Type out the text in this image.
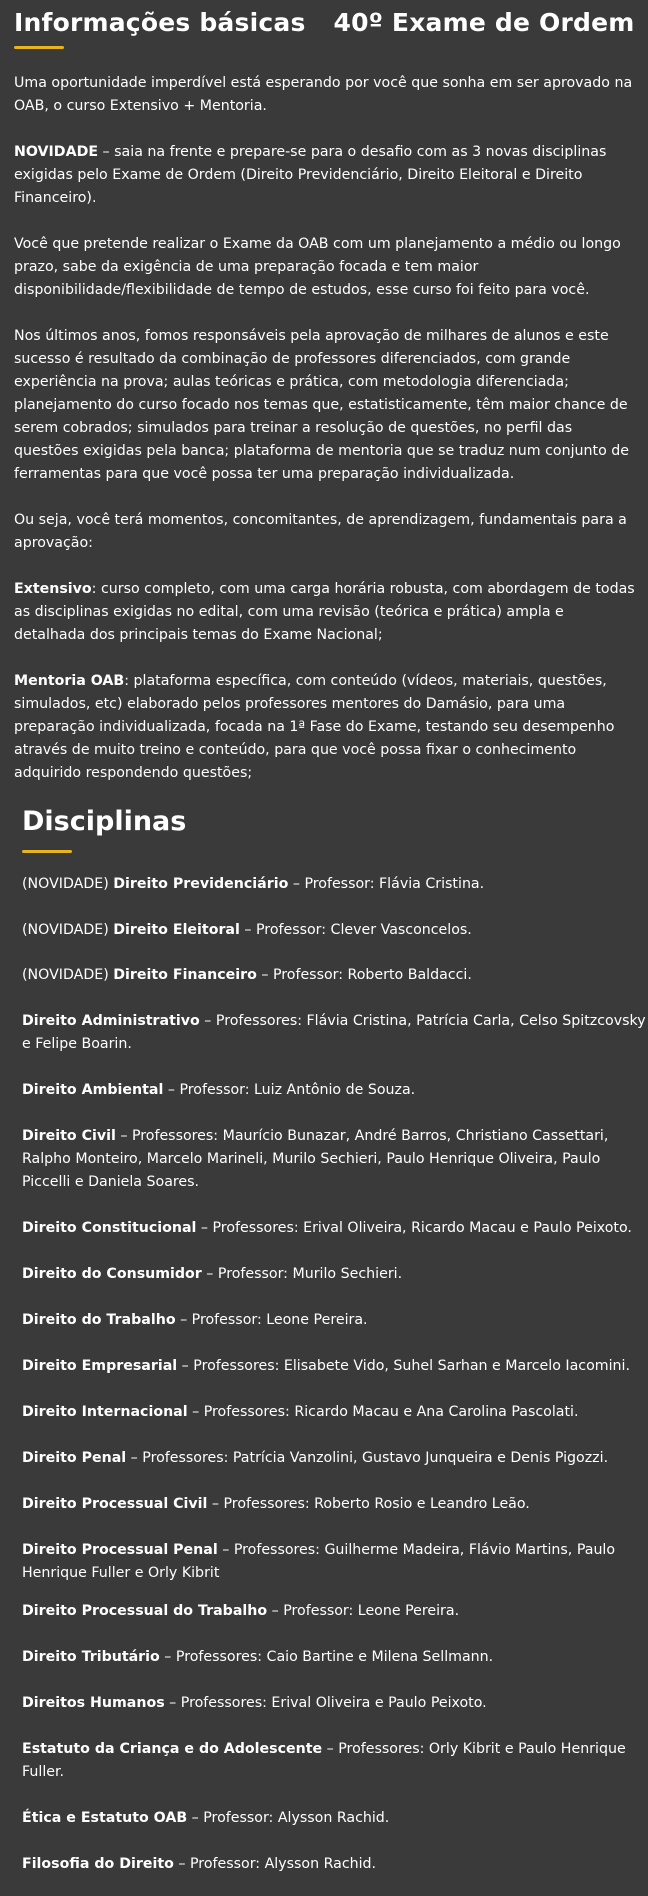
Informações básicas 40º Exame de Ordem

Uma oportunidade imperdível está esperando por você que sonha em ser aprovado na OAB, o curso Extensivo + Mentoria.

NOVIDADE – saia na frente e prepare-se para o desafio com as 3 novas disciplinas exigidas pelo Exame de Ordem (Direito Previdenciário, Direito Eleitoral e Direito Financeiro).

Você que pretende realizar o Exame da OAB com um planejamento a médio ou longo prazo, sabe da exigência de uma preparação focada e tem maior disponibilidade/flexibilidade de tempo de estudos, esse curso foi feito para você.

Nos últimos anos, fomos responsáveis pela aprovação de milhares de alunos e este sucesso é resultado da combinação de professores diferenciados, com grande experiência na prova; aulas teóricas e prática, com metodologia diferenciada; planejamento do curso focado nos temas que, estatisticamente, têm maior chance de serem cobrados; simulados para treinar a resolução de questões, no perfil das questões exigidas pela banca; plataforma de mentoria que se traduz num conjunto de ferramentas para que você possa ter uma preparação individualizada.

Ou seja, você terá momentos, concomitantes, de aprendizagem, fundamentais para a aprovação:

Extensivo: curso completo, com uma carga horária robusta, com abordagem de todas as disciplinas exigidas no edital, com uma revisão (teórica e prática) ampla e detalhada dos principais temas do Exame Nacional;

Mentoria OAB: plataforma específica, com conteúdo (vídeos, materiais, questões, simulados, etc) elaborado pelos professores mentores do Damásio, para uma preparação individualizada, focada na 1ª Fase do Exame, testando seu desempenho através de muito treino e conteúdo, para que você possa fixar o conhecimento adquirido respondendo questões;

Disciplinas

(NOVIDADE) Direito Previdenciário – Professor: Flávia Cristina.

(NOVIDADE) Direito Eleitoral – Professor: Clever Vasconcelos.

(NOVIDADE) Direito Financeiro – Professor: Roberto Baldacci.

Direito Administrativo – Professores: Flávia Cristina, Patrícia Carla, Celso Spitzcovsky e Felipe Boarin.

Direito Ambiental – Professor: Luiz Antônio de Souza.

Direito Civil – Professores: Maurício Bunazar, André Barros, Christiano Cassettari, Ralpho Monteiro, Marcelo Marineli, Murilo Sechieri, Paulo Henrique Oliveira, Paulo Piccelli e Daniela Soares.

Direito Constitucional – Professores: Erival Oliveira, Ricardo Macau e Paulo Peixoto.

Direito do Consumidor – Professor: Murilo Sechieri.

Direito do Trabalho – Professor: Leone Pereira.

Direito Empresarial – Professores: Elisabete Vido, Suhel Sarhan e Marcelo Iacomini.

Direito Internacional – Professores: Ricardo Macau e Ana Carolina Pascolati.

Direito Penal – Professores: Patrícia Vanzolini, Gustavo Junqueira e Denis Pigozzi.

Direito Processual Civil – Professores: Roberto Rosio e Leandro Leão.

Direito Processual Penal – Professores: Guilherme Madeira, Flávio Martins, Paulo Henrique Fuller e Orly Kibrit

Direito Processual do Trabalho – Professor: Leone Pereira.

Direito Tributário – Professores: Caio Bartine e Milena Sellmann.

Direitos Humanos – Professores: Erival Oliveira e Paulo Peixoto.

Estatuto da Criança e do Adolescente – Professores: Orly Kibrit e Paulo Henrique Fuller.

Ética e Estatuto OAB – Professor: Alysson Rachid.

Filosofia do Direito – Professor: Alysson Rachid.
